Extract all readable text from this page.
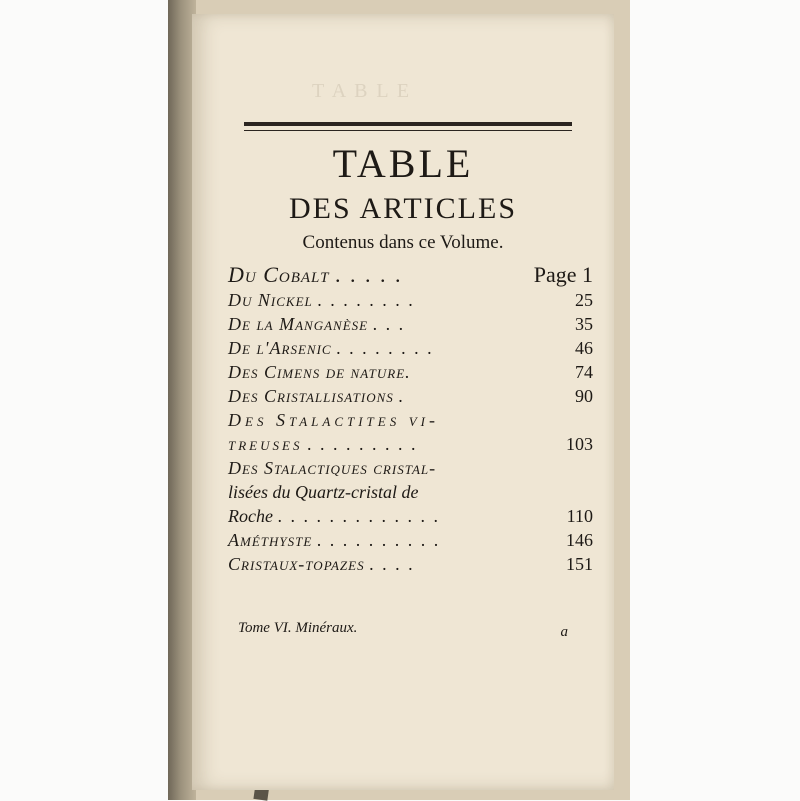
T A B L E
TABLE
DES ARTICLES
Contenus dans ce Volume.
Du Cobalt . . . . .	Page 1
Du Nickel . . . . . . . .	25
De la Manganèse . . .	35
De l'Arsenic . . . . . . . .	46
Des Cimens de nature.	74
Des Cristallisations .	90
Des Stalactites vi-
treuses . . . . . . . . .	103
Des Stalactiques cristal-
lisées du Quartz-cristal de
Roche . . . . . . . . . . . . .	110
Améthyste . . . . . . . . . .	146
Cristaux-topazes . . . .	151
Tome VI. Minéraux.	a
